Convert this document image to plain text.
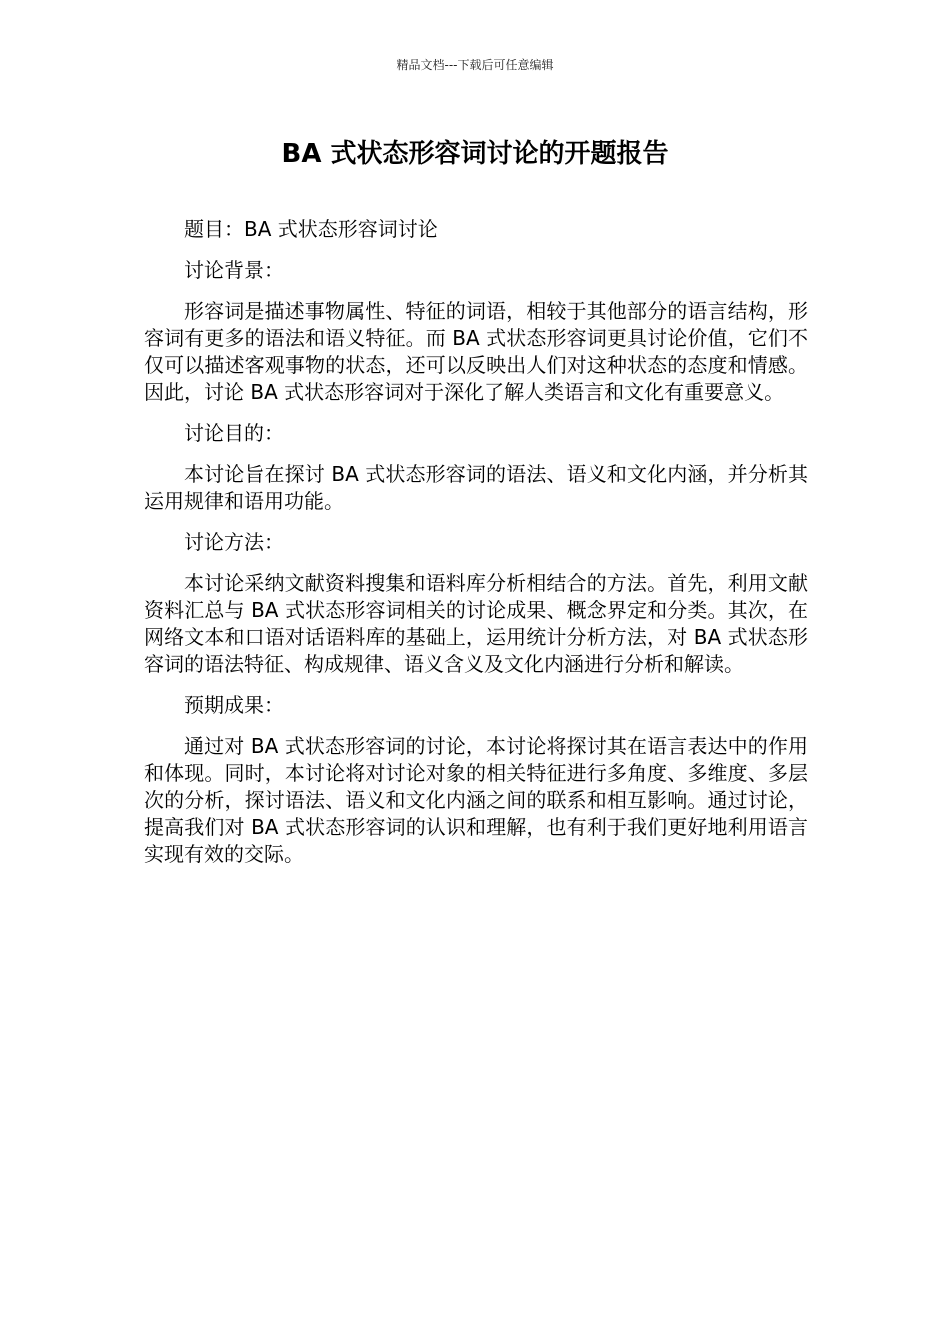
精品文档---下载后可任意编辑
BA 式状态形容词讨论的开题报告

题目：BA 式状态形容词讨论

讨论背景：

形容词是描述事物属性、特征的词语，相较于其他部分的语言结构，形容词有更多的语法和语义特征。而 BA 式状态形容词更具讨论价值，它们不仅可以描述客观事物的状态，还可以反映出人们对这种状态的态度和情感。因此，讨论 BA 式状态形容词对于深化了解人类语言和文化有重要意义。

讨论目的：

本讨论旨在探讨 BA 式状态形容词的语法、语义和文化内涵，并分析其运用规律和语用功能。

讨论方法：

本讨论采纳文献资料搜集和语料库分析相结合的方法。首先，利用文献资料汇总与 BA 式状态形容词相关的讨论成果、概念界定和分类。其次，在网络文本和口语对话语料库的基础上，运用统计分析方法，对 BA 式状态形容词的语法特征、构成规律、语义含义及文化内涵进行分析和解读。

预期成果：

通过对 BA 式状态形容词的讨论，本讨论将探讨其在语言表达中的作用和体现。同时，本讨论将对讨论对象的相关特征进行多角度、多维度、多层次的分析，探讨语法、语义和文化内涵之间的联系和相互影响。通过讨论，提高我们对 BA 式状态形容词的认识和理解，也有利于我们更好地利用语言实现有效的交际。
